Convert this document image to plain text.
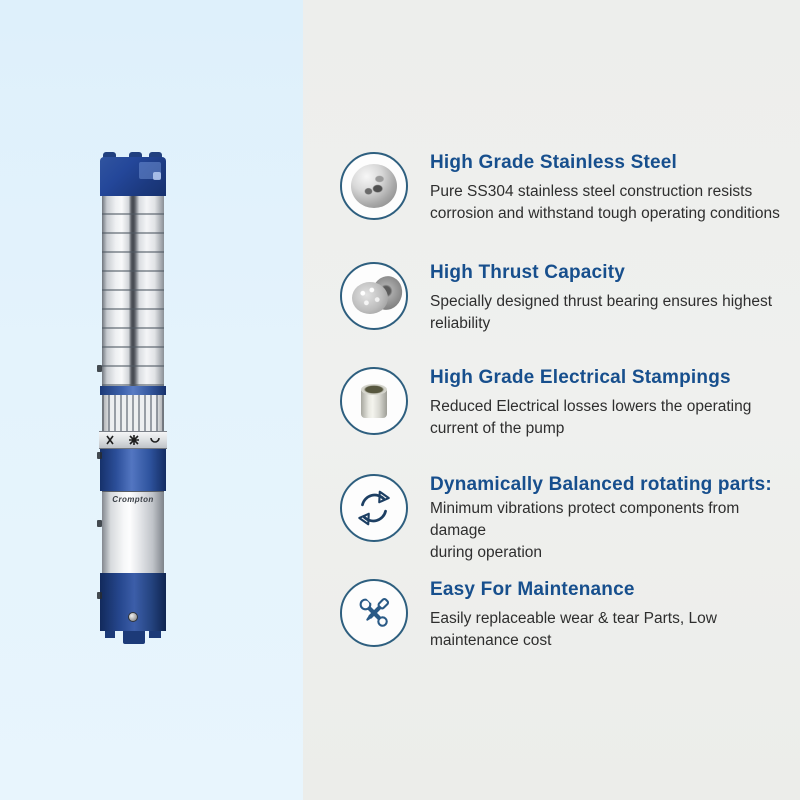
Crompton
High Grade Stainless Steel
Pure SS304 stainless steel construction resists
corrosion and withstand tough operating conditions
High Thrust Capacity
Specially designed thrust bearing ensures highest
reliability
High Grade Electrical Stampings
Reduced Electrical losses lowers the operating
current of the pump
Dynamically Balanced rotating parts:
Minimum vibrations protect components from damage
during operation
Easy For Maintenance
Easily replaceable wear & tear Parts, Low
maintenance cost
